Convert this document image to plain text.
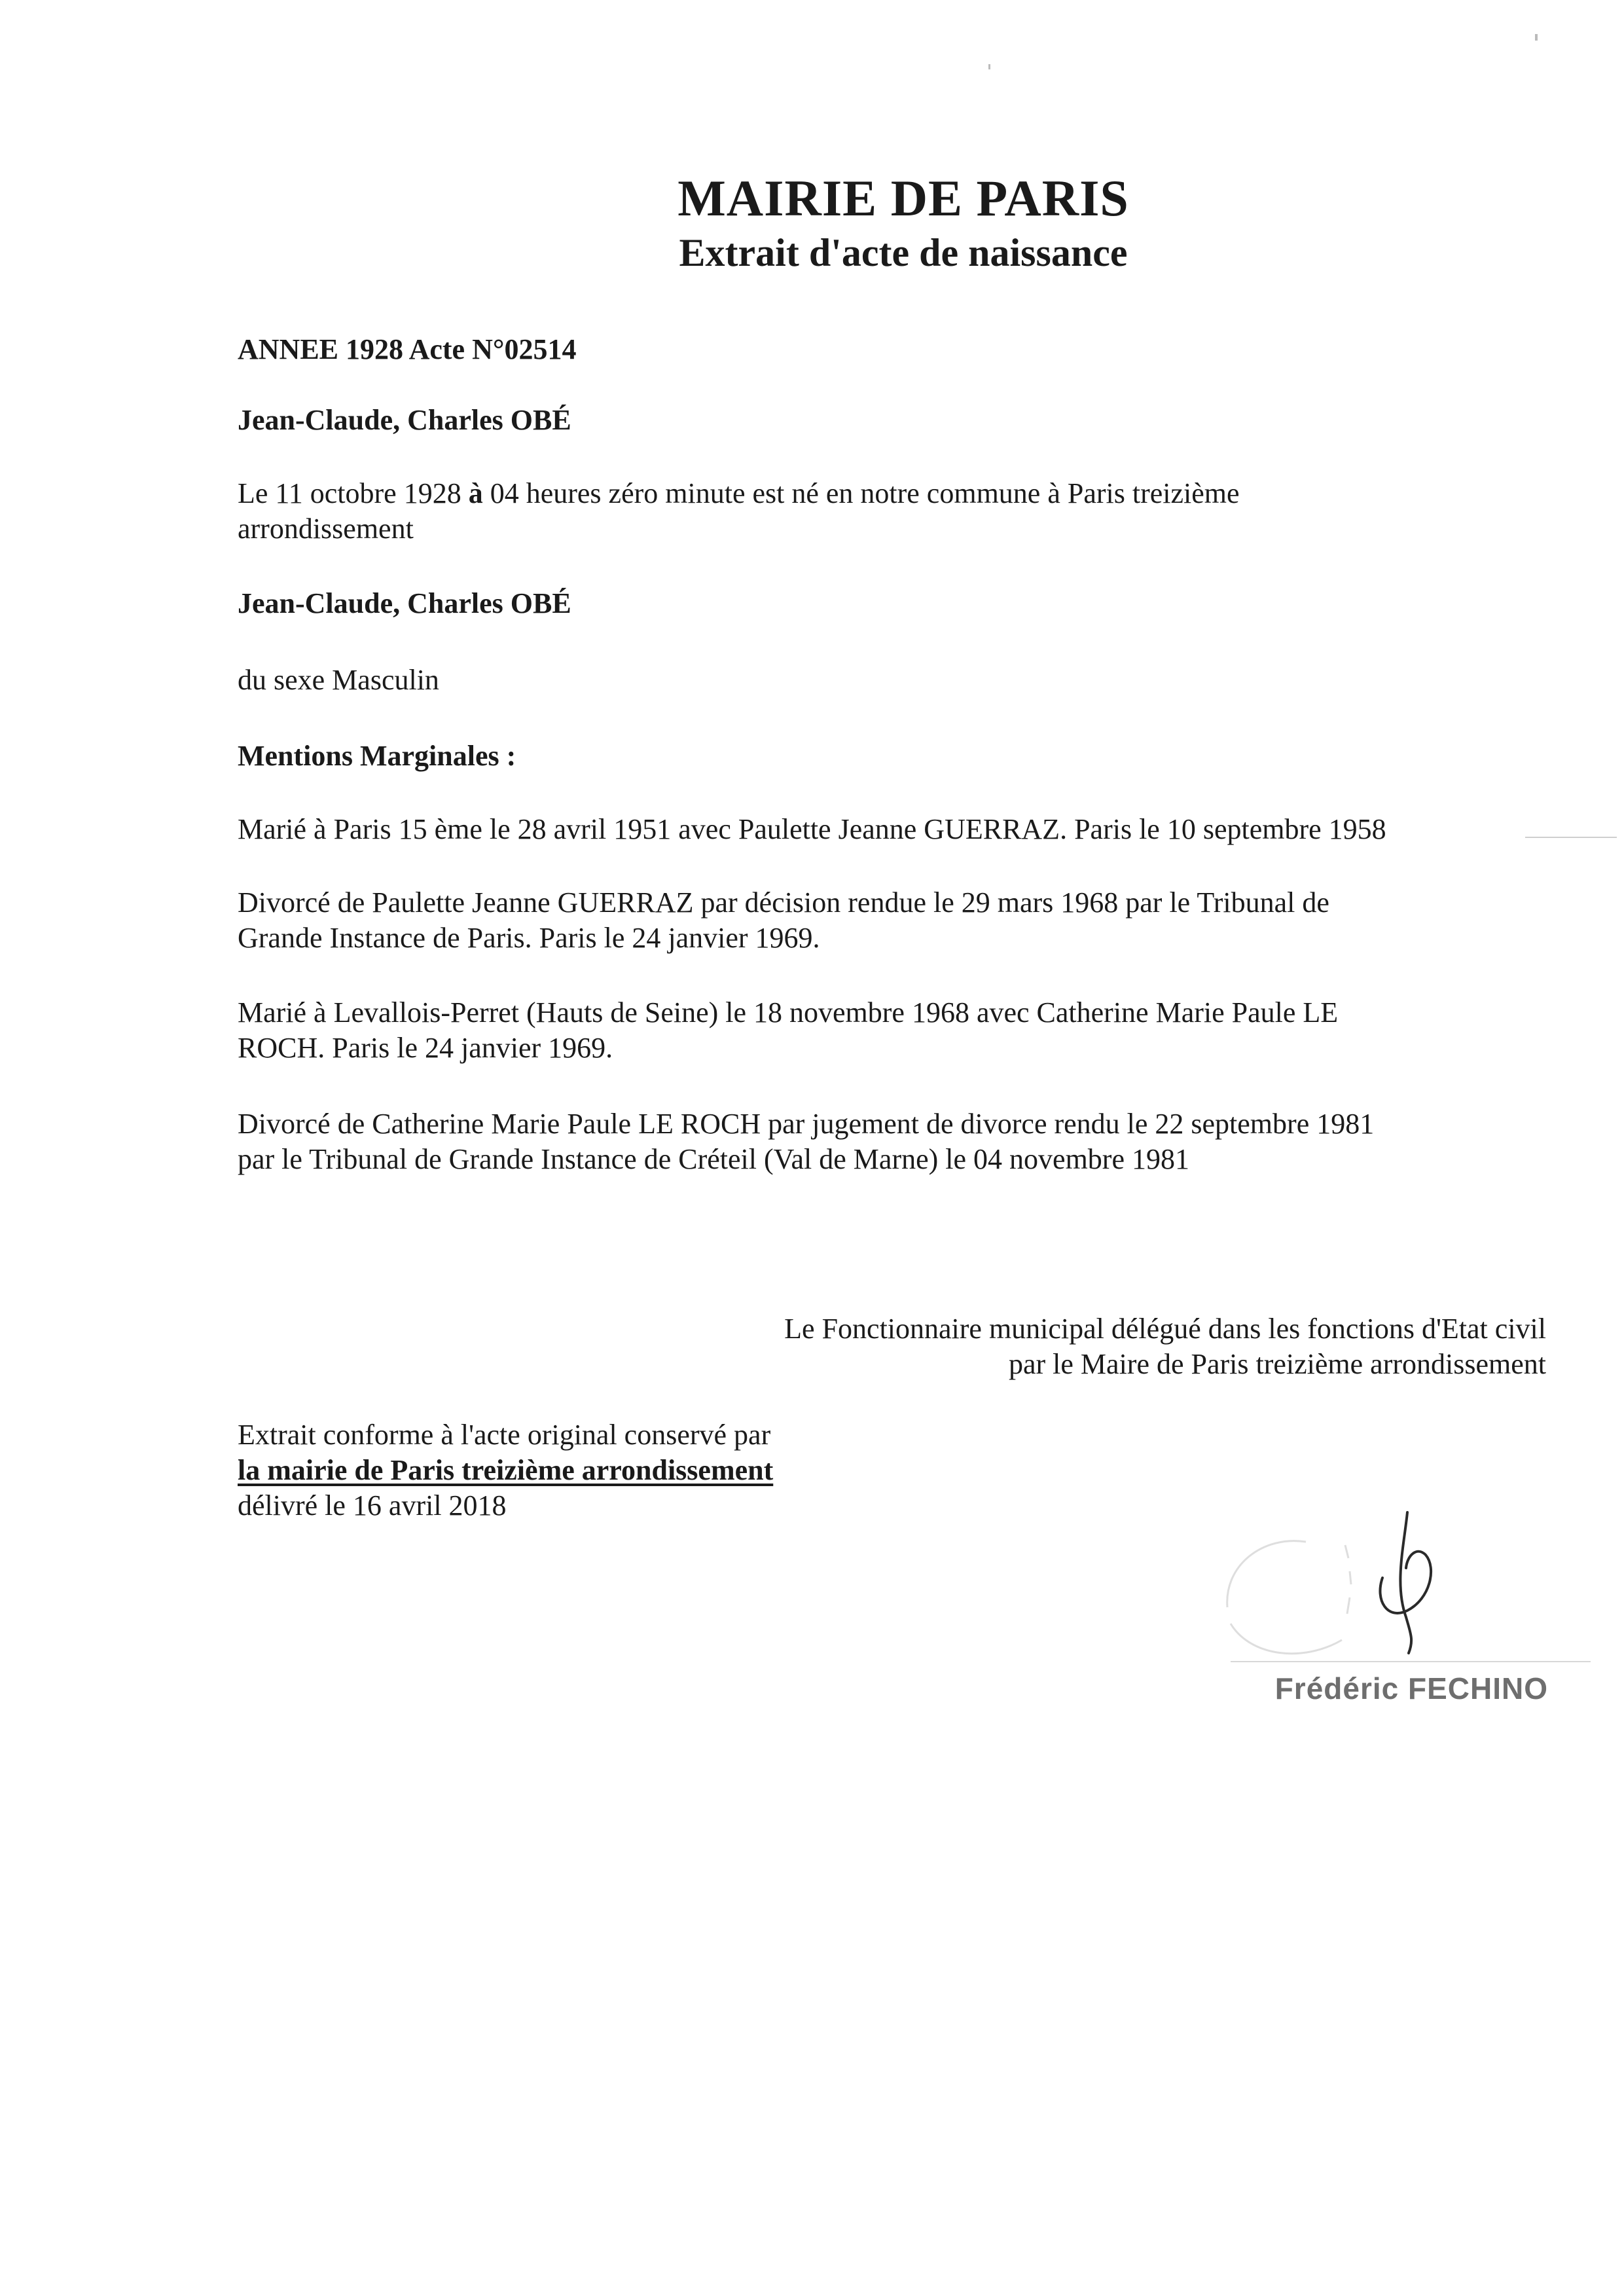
MAIRIE DE PARIS
Extrait d'acte de naissance

ANNEE 1928 Acte N°02514

Jean-Claude, Charles OBÉ

Le 11 octobre 1928 à 04 heures zéro minute est né en notre commune à Paris treizième
arrondissement

Jean-Claude, Charles OBÉ

du sexe Masculin

Mentions Marginales :

Marié à Paris 15 ème le 28 avril 1951 avec Paulette Jeanne GUERRAZ. Paris le 10 septembre 1958
Divorcé de Paulette Jeanne GUERRAZ par décision rendue le 29 mars 1968 par le Tribunal de
Grande Instance de Paris. Paris le 24 janvier 1969.
Marié à Levallois-Perret (Hauts de Seine) le 18 novembre 1968 avec Catherine Marie Paule LE
ROCH. Paris le 24 janvier 1969.
Divorcé de Catherine Marie Paule LE ROCH par jugement de divorce rendu le 22 septembre 1981
par le Tribunal de Grande Instance de Créteil (Val de Marne) le 04 novembre 1981
Le Fonctionnaire municipal délégué dans les fonctions d'Etat civil
par le Maire de Paris treizième arrondissement
Extrait conforme à l'acte original conservé par
la mairie de Paris treizième arrondissement
délivré le 16 avril 2018
Frédéric FECHINO
